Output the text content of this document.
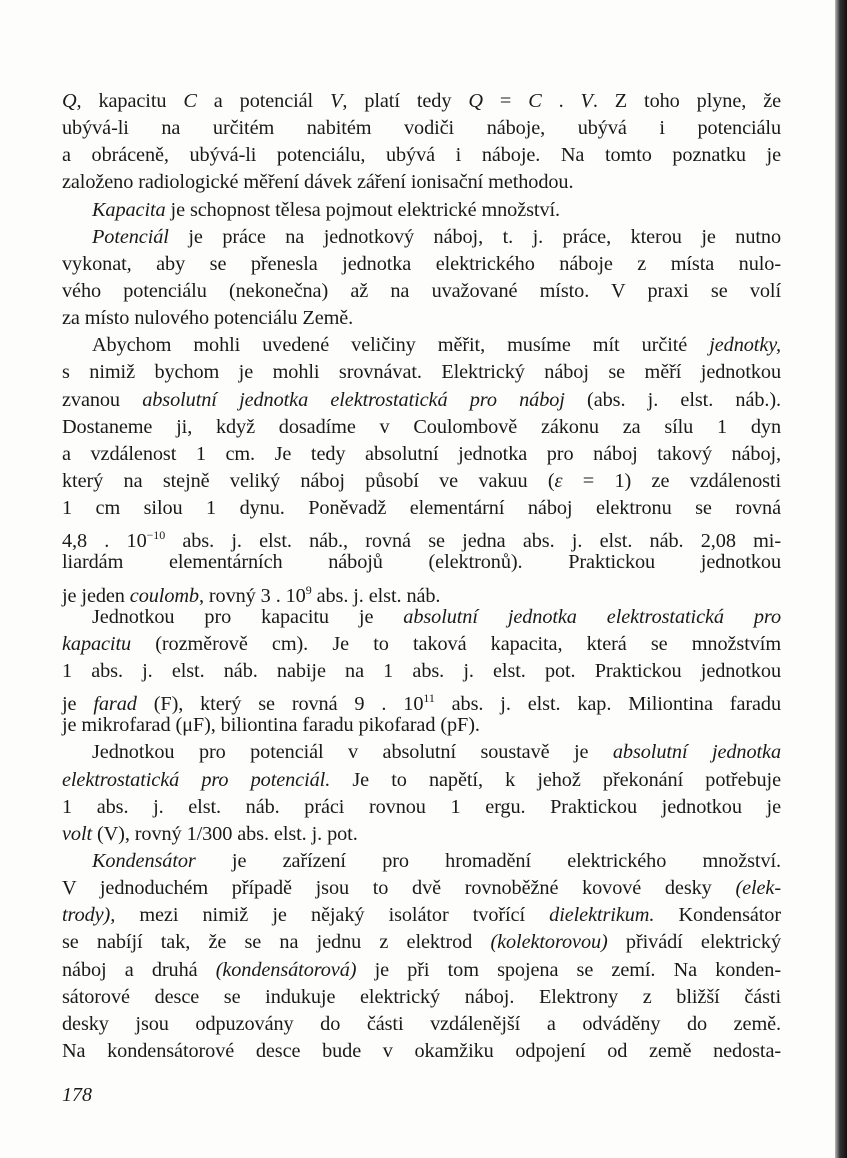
Q, kapacitu C a potenciál V, platí tedy Q = C . V. Z toho plyne, že
ubývá-li na určitém nabitém vodiči náboje, ubývá i potenciálu
a obráceně, ubývá-li potenciálu, ubývá i náboje. Na tomto poznatku je
založeno radiologické měření dávek záření ionisační methodou.
Kapacita je schopnost tělesa pojmout elektrické množství.
Potenciál je práce na jednotkový náboj, t. j. práce, kterou je nutno
vykonat, aby se přenesla jednotka elektrického náboje z místa nulo-
vého potenciálu (nekonečna) až na uvažované místo. V praxi se volí
za místo nulového potenciálu Země.
Abychom mohli uvedené veličiny měřit, musíme mít určité jednotky,
s nimiž bychom je mohli srovnávat. Elektrický náboj se měří jednotkou
zvanou absolutní jednotka elektrostatická pro náboj (abs. j. elst. náb.).
Dostaneme ji, když dosadíme v Coulombově zákonu za sílu 1 dyn
a vzdálenost 1 cm. Je tedy absolutní jednotka pro náboj takový náboj,
který na stejně veliký náboj působí ve vakuu (ε = 1) ze vzdálenosti
1 cm silou 1 dynu. Poněvadž elementární náboj elektronu se rovná
4,8 . $10^{-10}$ abs. j. elst. náb., rovná se jedna abs. j. elst. náb. 2,08 mi-
liardám elementárních nábojů (elektronů). Praktickou jednotkou
je jeden coulomb, rovný 3 . $10^9$ abs. j. elst. náb.
Jednotkou pro kapacitu je absolutní jednotka elektrostatická pro
kapacitu (rozměrově cm). Je to taková kapacita, která se množstvím
1 abs. j. elst. náb. nabije na 1 abs. j. elst. pot. Praktickou jednotkou
je farad (F), který se rovná 9 . $10^{11}$ abs. j. elst. kap. Miliontina faradu
je mikrofarad (μF), biliontina faradu pikofarad (pF).
Jednotkou pro potenciál v absolutní soustavě je absolutní jednotka
elektrostatická pro potenciál. Je to napětí, k jehož překonání potřebuje
1 abs. j. elst. náb. práci rovnou 1 ergu. Praktickou jednotkou je
volt (V), rovný 1/300 abs. elst. j. pot.
Kondensátor je zařízení pro hromadění elektrického množství.
V jednoduchém případě jsou to dvě rovnoběžné kovové desky (elek-
trody), mezi nimiž je nějaký isolátor tvořící dielektrikum. Kondensátor
se nabíjí tak, že se na jednu z elektrod (kolektorovou) přivádí elektrický
náboj a druhá (kondensátorová) je při tom spojena se zemí. Na konden-
sátorové desce se indukuje elektrický náboj. Elektrony z bližší části
desky jsou odpuzovány do části vzdálenější a odváděny do země.
Na kondensátorové desce bude v okamžiku odpojení od země nedosta-
178
